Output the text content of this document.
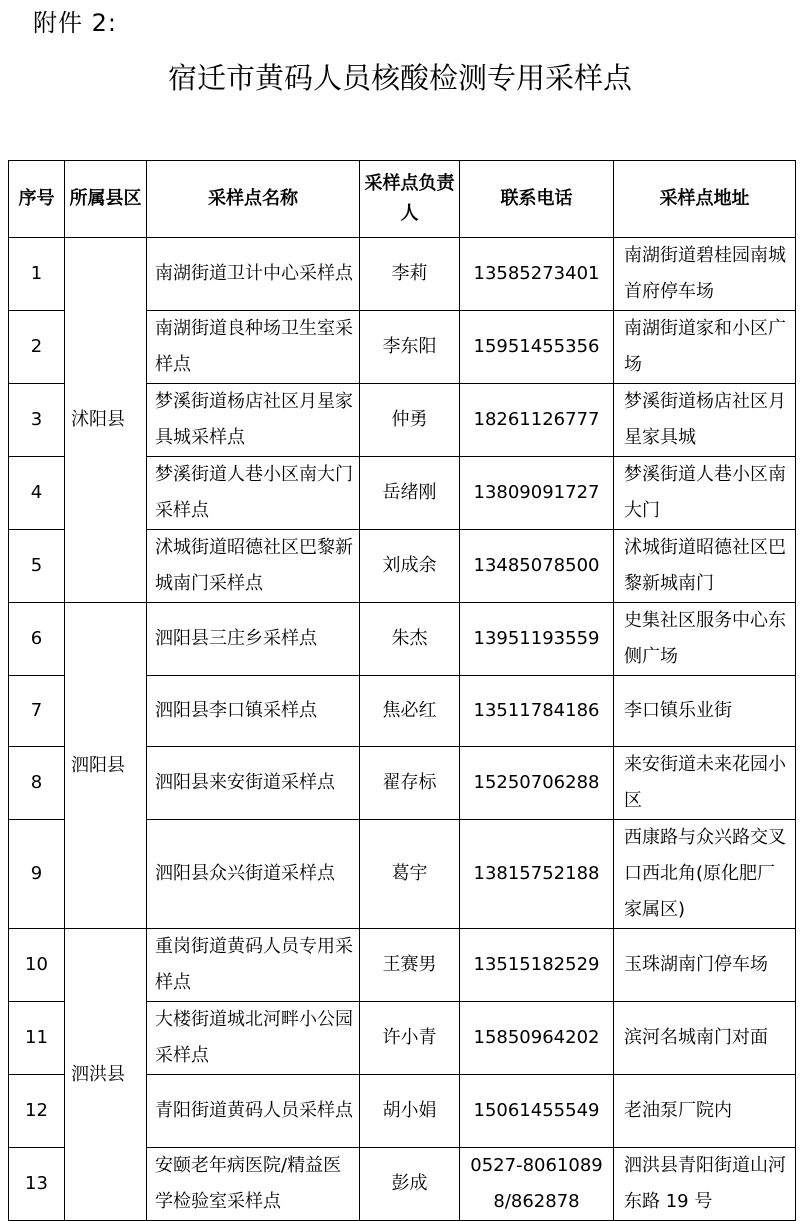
附件 2:
宿迁市黄码人员核酸检测专用采样点
序号	所属县区	采样点名称	采样点负责人	联系电话	采样点地址
1	沭阳县	南湖街道卫计中心采样点	李莉	13585273401	南湖街道碧桂园南城首府停车场
2		南湖街道良种场卫生室采样点	李东阳	15951455356	南湖街道家和小区广场
3		梦溪街道杨店社区月星家具城采样点	仲勇	18261126777	梦溪街道杨店社区月星家具城
4		梦溪街道人巷小区南大门采样点	岳绪刚	13809091727	梦溪街道人巷小区南大门
5		沭城街道昭德社区巴黎新城南门采样点	刘成余	13485078500	沭城街道昭德社区巴黎新城南门
6	泗阳县	泗阳县三庄乡采样点	朱杰	13951193559	史集社区服务中心东侧广场
7		泗阳县李口镇采样点	焦必红	13511784186	李口镇乐业街
8		泗阳县来安街道采样点	翟存标	15250706288	来安街道未来花园小区
9		泗阳县众兴街道采样点	葛宇	13815752188	西康路与众兴路交叉口西北角(原化肥厂家属区)
10	泗洪县	重岗街道黄码人员专用采样点	王赛男	13515182529	玉珠湖南门停车场
11		大楼街道城北河畔小公园采样点	许小青	15850964202	滨河名城南门对面
12		青阳街道黄码人员采样点	胡小娟	15061455549	老油泵厂院内
13		安颐老年病医院/精益医学检验室采样点	彭成	0527-80610898/862878	泗洪县青阳街道山河东路 19 号
